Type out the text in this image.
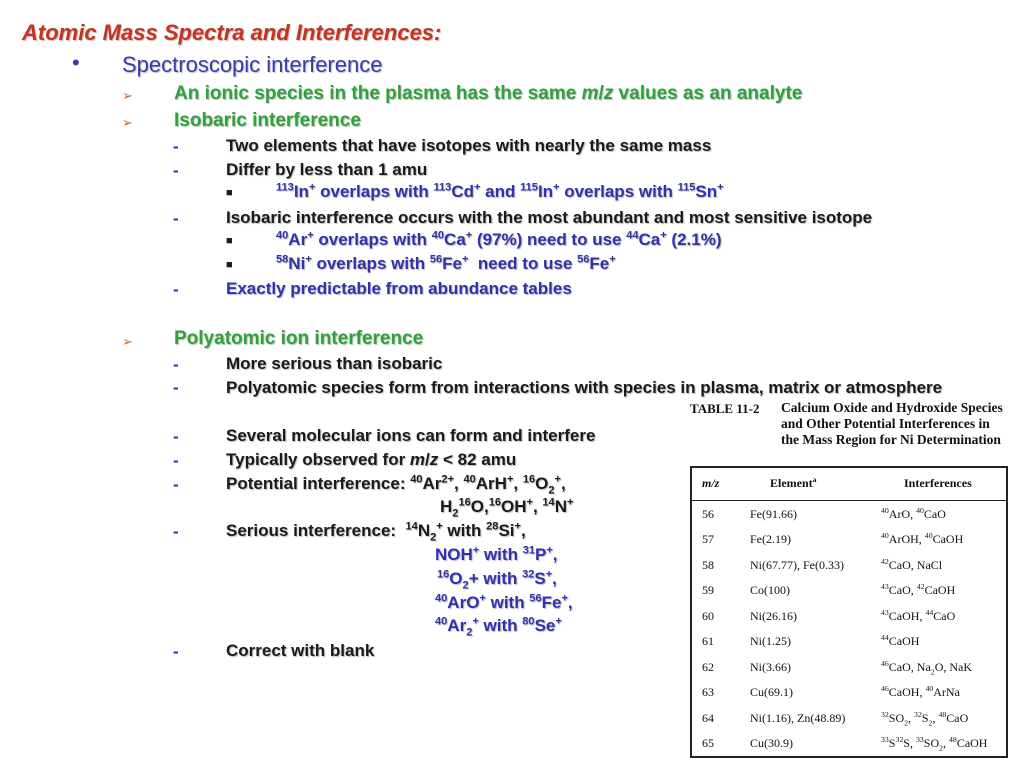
Atomic Mass Spectra and Interferences:
• Spectroscopic interference
➢ An ionic species in the plasma has the same m/z values as an analyte
➢ Isobaric interference
-	Two elements that have isotopes with nearly the same mass
-	Differ by less than 1 amu
■	$^{113}$In+ overlaps with $^{113}$Cd+ and $^{115}$In+ overlaps with $^{115}$Sn+
-	Isobaric interference occurs with the most abundant and most sensitive isotope
■	$^{40}$Ar+ overlaps with $^{40}$Ca+ (97%) need to use $^{44}$Ca+ (2.1%)
■	$^{58}$Ni+ overlaps with $^{56}$Fe+  need to use $^{56}$Fe+
-	Exactly predictable from abundance tables
➢ Polyatomic ion interference
-	More serious than isobaric
-	Polyatomic species form from interactions with species in plasma, matrix or atmosphere
-	Several molecular ions can form and interfere
-	Typically observed for m/z < 82 amu
-	Potential interference: $^{40}Ar^{2+}$, $^{40}$ArH+, $^{16}O_2^+$,
$H_2^{16}O,^{16}OH^+$, $^{14}$N+
-	Serious interference:  $^{14}N_2^+$ with $^{28}$Si+,
NOH+ with $^{31}$P+,
$^{16}O_2+$ with $^{32}$S+,
$^{40}$ArO+ with $^{56}$Fe+,
$^{40}Ar_2^+$ with $^{80}$Se+
-	Correct with blank
TABLE 11-2 Calcium Oxide and Hydroxide Species and Other Potential Interferences in the Mass Region for Ni Determination
m/z	Element$^a$	Interferences
56	Fe(91.66)	$^{40}$ArO, $^{40}$CaO
57	Fe(2.19)	$^{40}$ArOH, $^{40}$CaOH
58	Ni(67.77), Fe(0.33)	$^{42}$CaO, NaCl
59	Co(100)	$^{43}$CaO, $^{42}$CaOH
60	Ni(26.16)	$^{43}$CaOH, $^{44}$CaO
61	Ni(1.25)	$^{44}$CaOH
62	Ni(3.66)	$^{46}$CaO, $Na_2O$, NaK
63	Cu(69.1)	$^{46}$CaOH, $^{40}$ArNa
64	Ni(1.16), Zn(48.89)	$^{32}SO_2$, $^{32}S_2$, $^{48}$CaO
65	Cu(30.9)	$^{33}S^{32}S$, $^{33}SO_2$, $^{48}$CaOH
